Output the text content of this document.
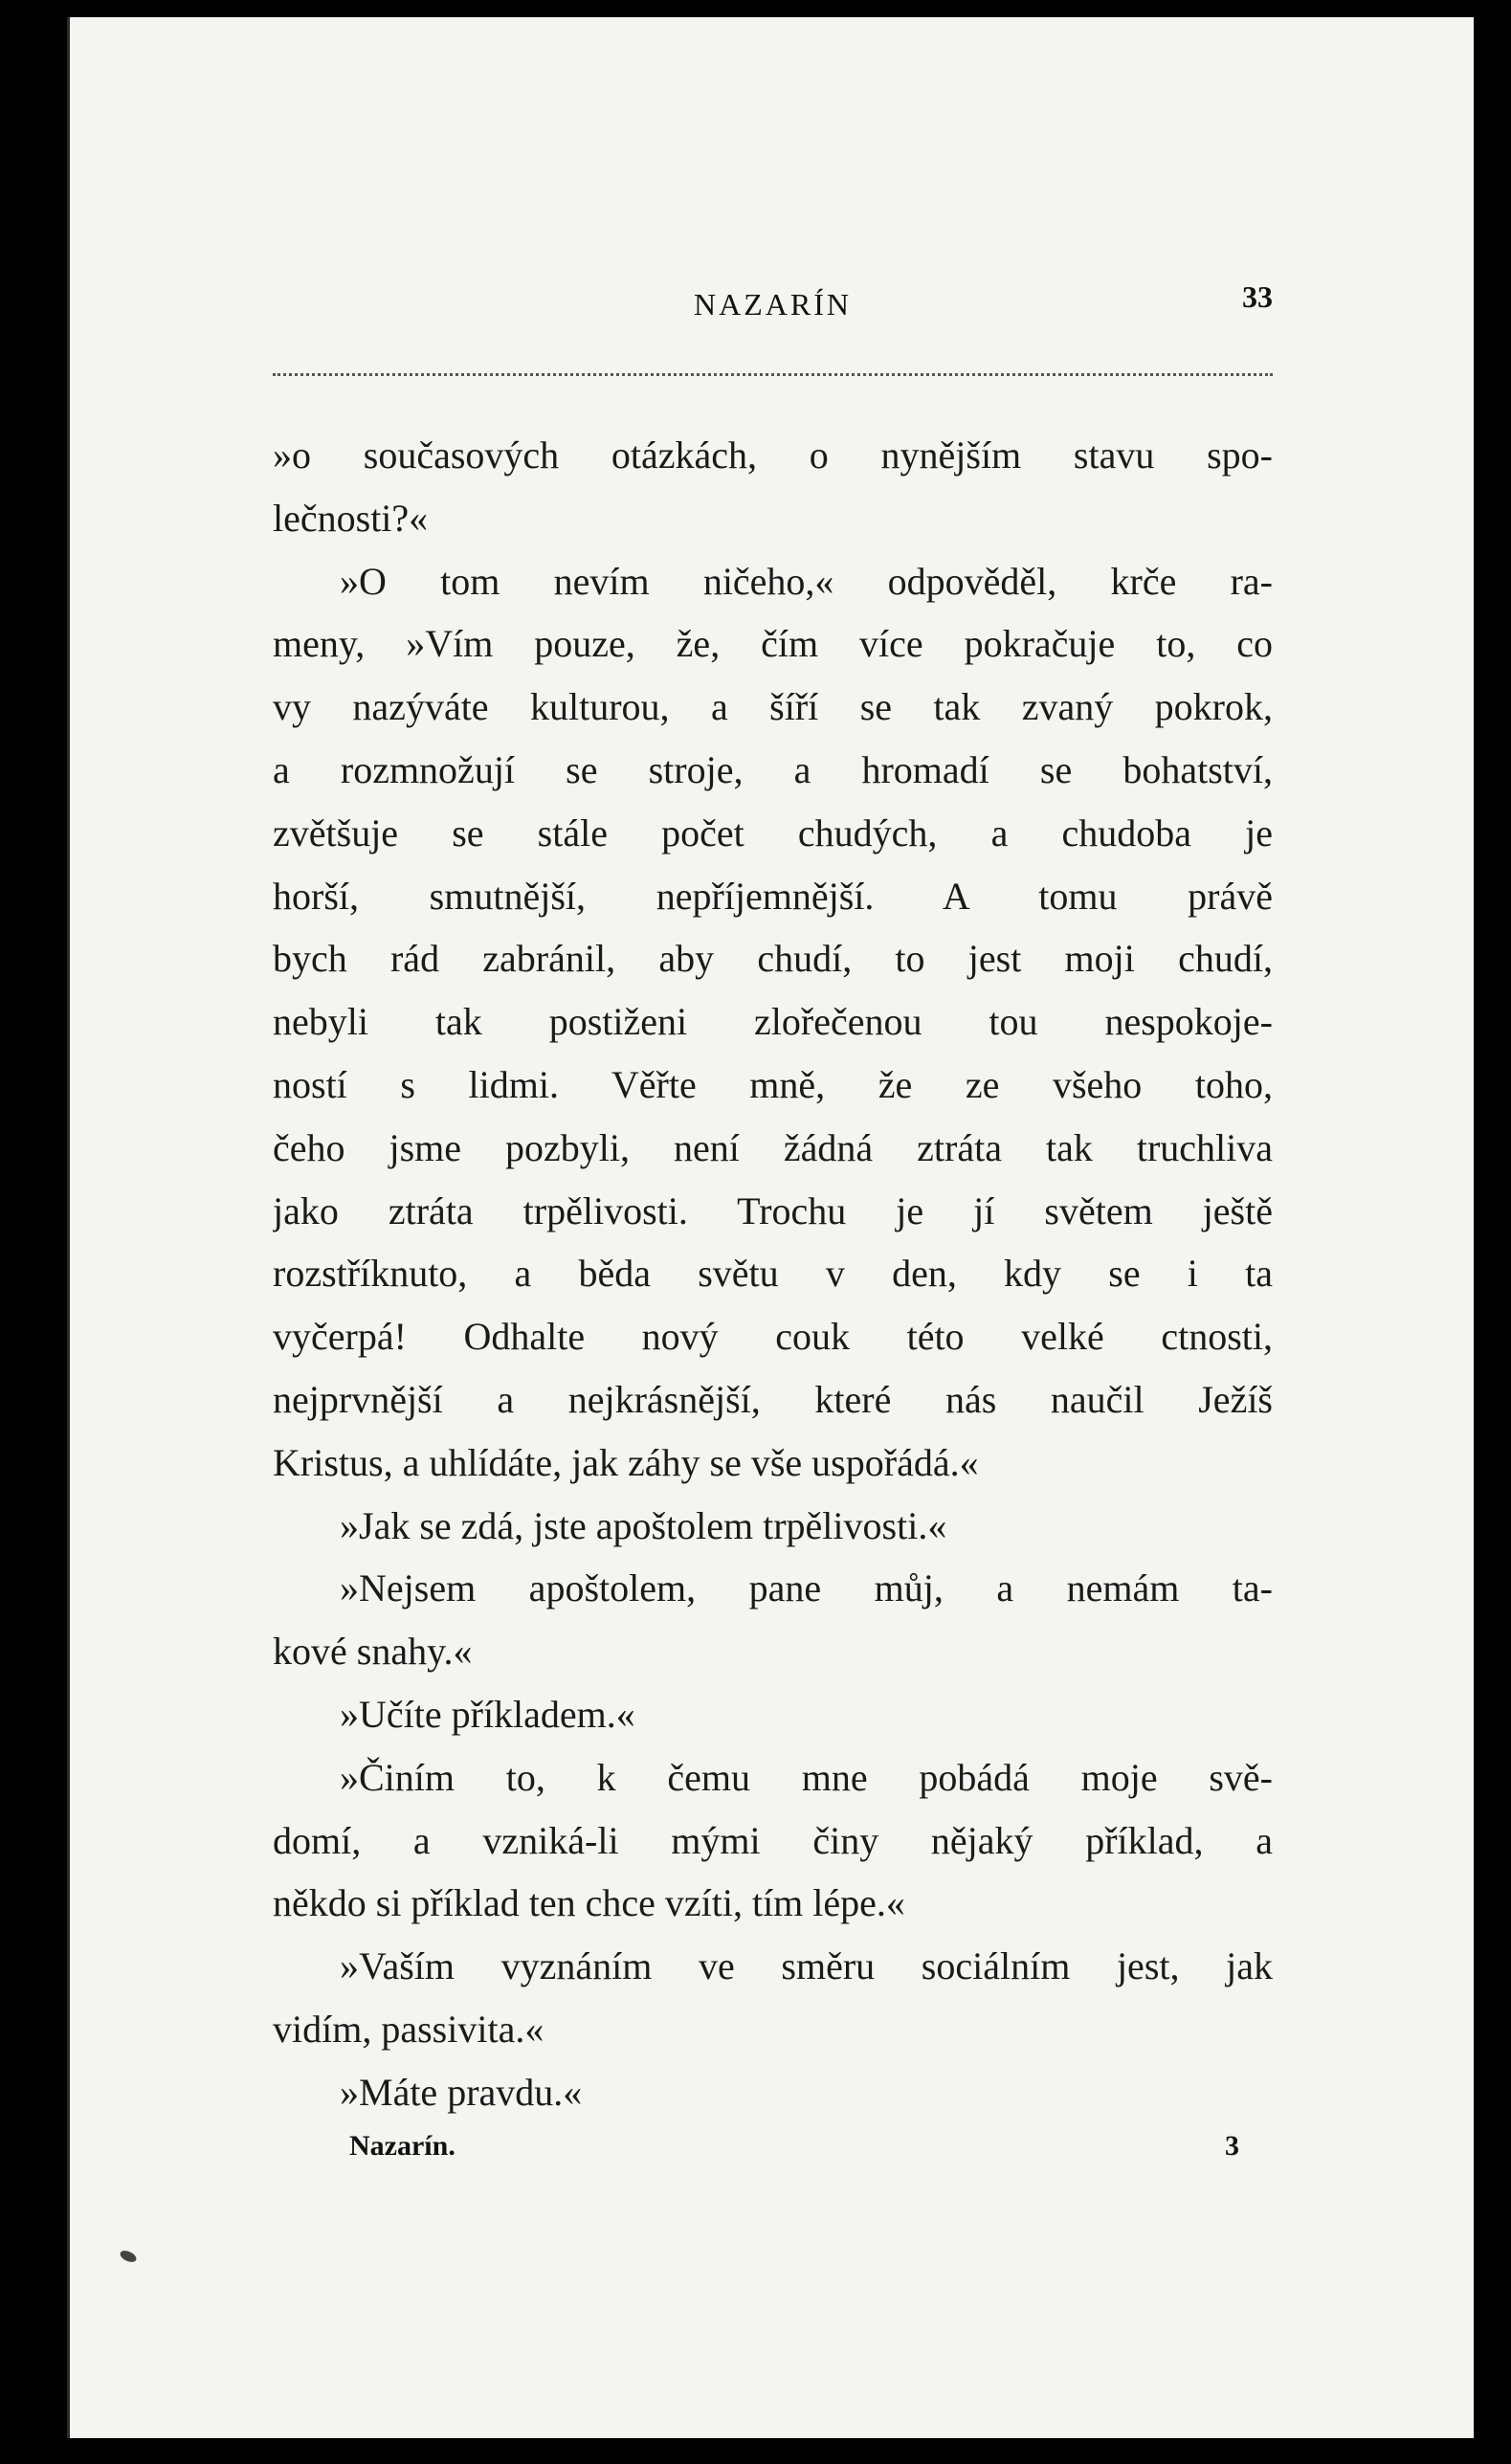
NAZARÍN	33
»o současových otázkách, o nynějším stavu spo-
lečnosti?«
»O tom nevím ničeho,« odpověděl, krče ra-
meny, »Vím pouze, že, čím více pokračuje to, co
vy nazýváte kulturou, a šíří se tak zvaný pokrok,
a rozmnožují se stroje, a hromadí se bohatství,
zvětšuje se stále počet chudých, a chudoba je
horší, smutnější, nepříjemnější. A tomu právě
bych rád zabránil, aby chudí, to jest moji chudí,
nebyli tak postiženi zlořečenou tou nespokoje-
ností s lidmi. Věřte mně, že ze všeho toho,
čeho jsme pozbyli, není žádná ztráta tak truchliva
jako ztráta trpělivosti. Trochu je jí světem ještě
rozstříknuto, a běda světu v den, kdy se i ta
vyčerpá! Odhalte nový couk této velké ctnosti,
nejprvnější a nejkrásnější, které nás naučil Ježíš
Kristus, a uhlídáte, jak záhy se vše uspořádá.«
»Jak se zdá, jste apoštolem trpělivosti.«
»Nejsem apoštolem, pane můj, a nemám ta-
kové snahy.«
»Učíte příkladem.«
»Činím to, k čemu mne pobádá moje svě-
domí, a vzniká-li mými činy nějaký příklad, a
někdo si příklad ten chce vzíti, tím lépe.«
»Vaším vyznáním ve směru sociálním jest, jak
vidím, passivita.«
»Máte pravdu.«
Nazarín.	3
